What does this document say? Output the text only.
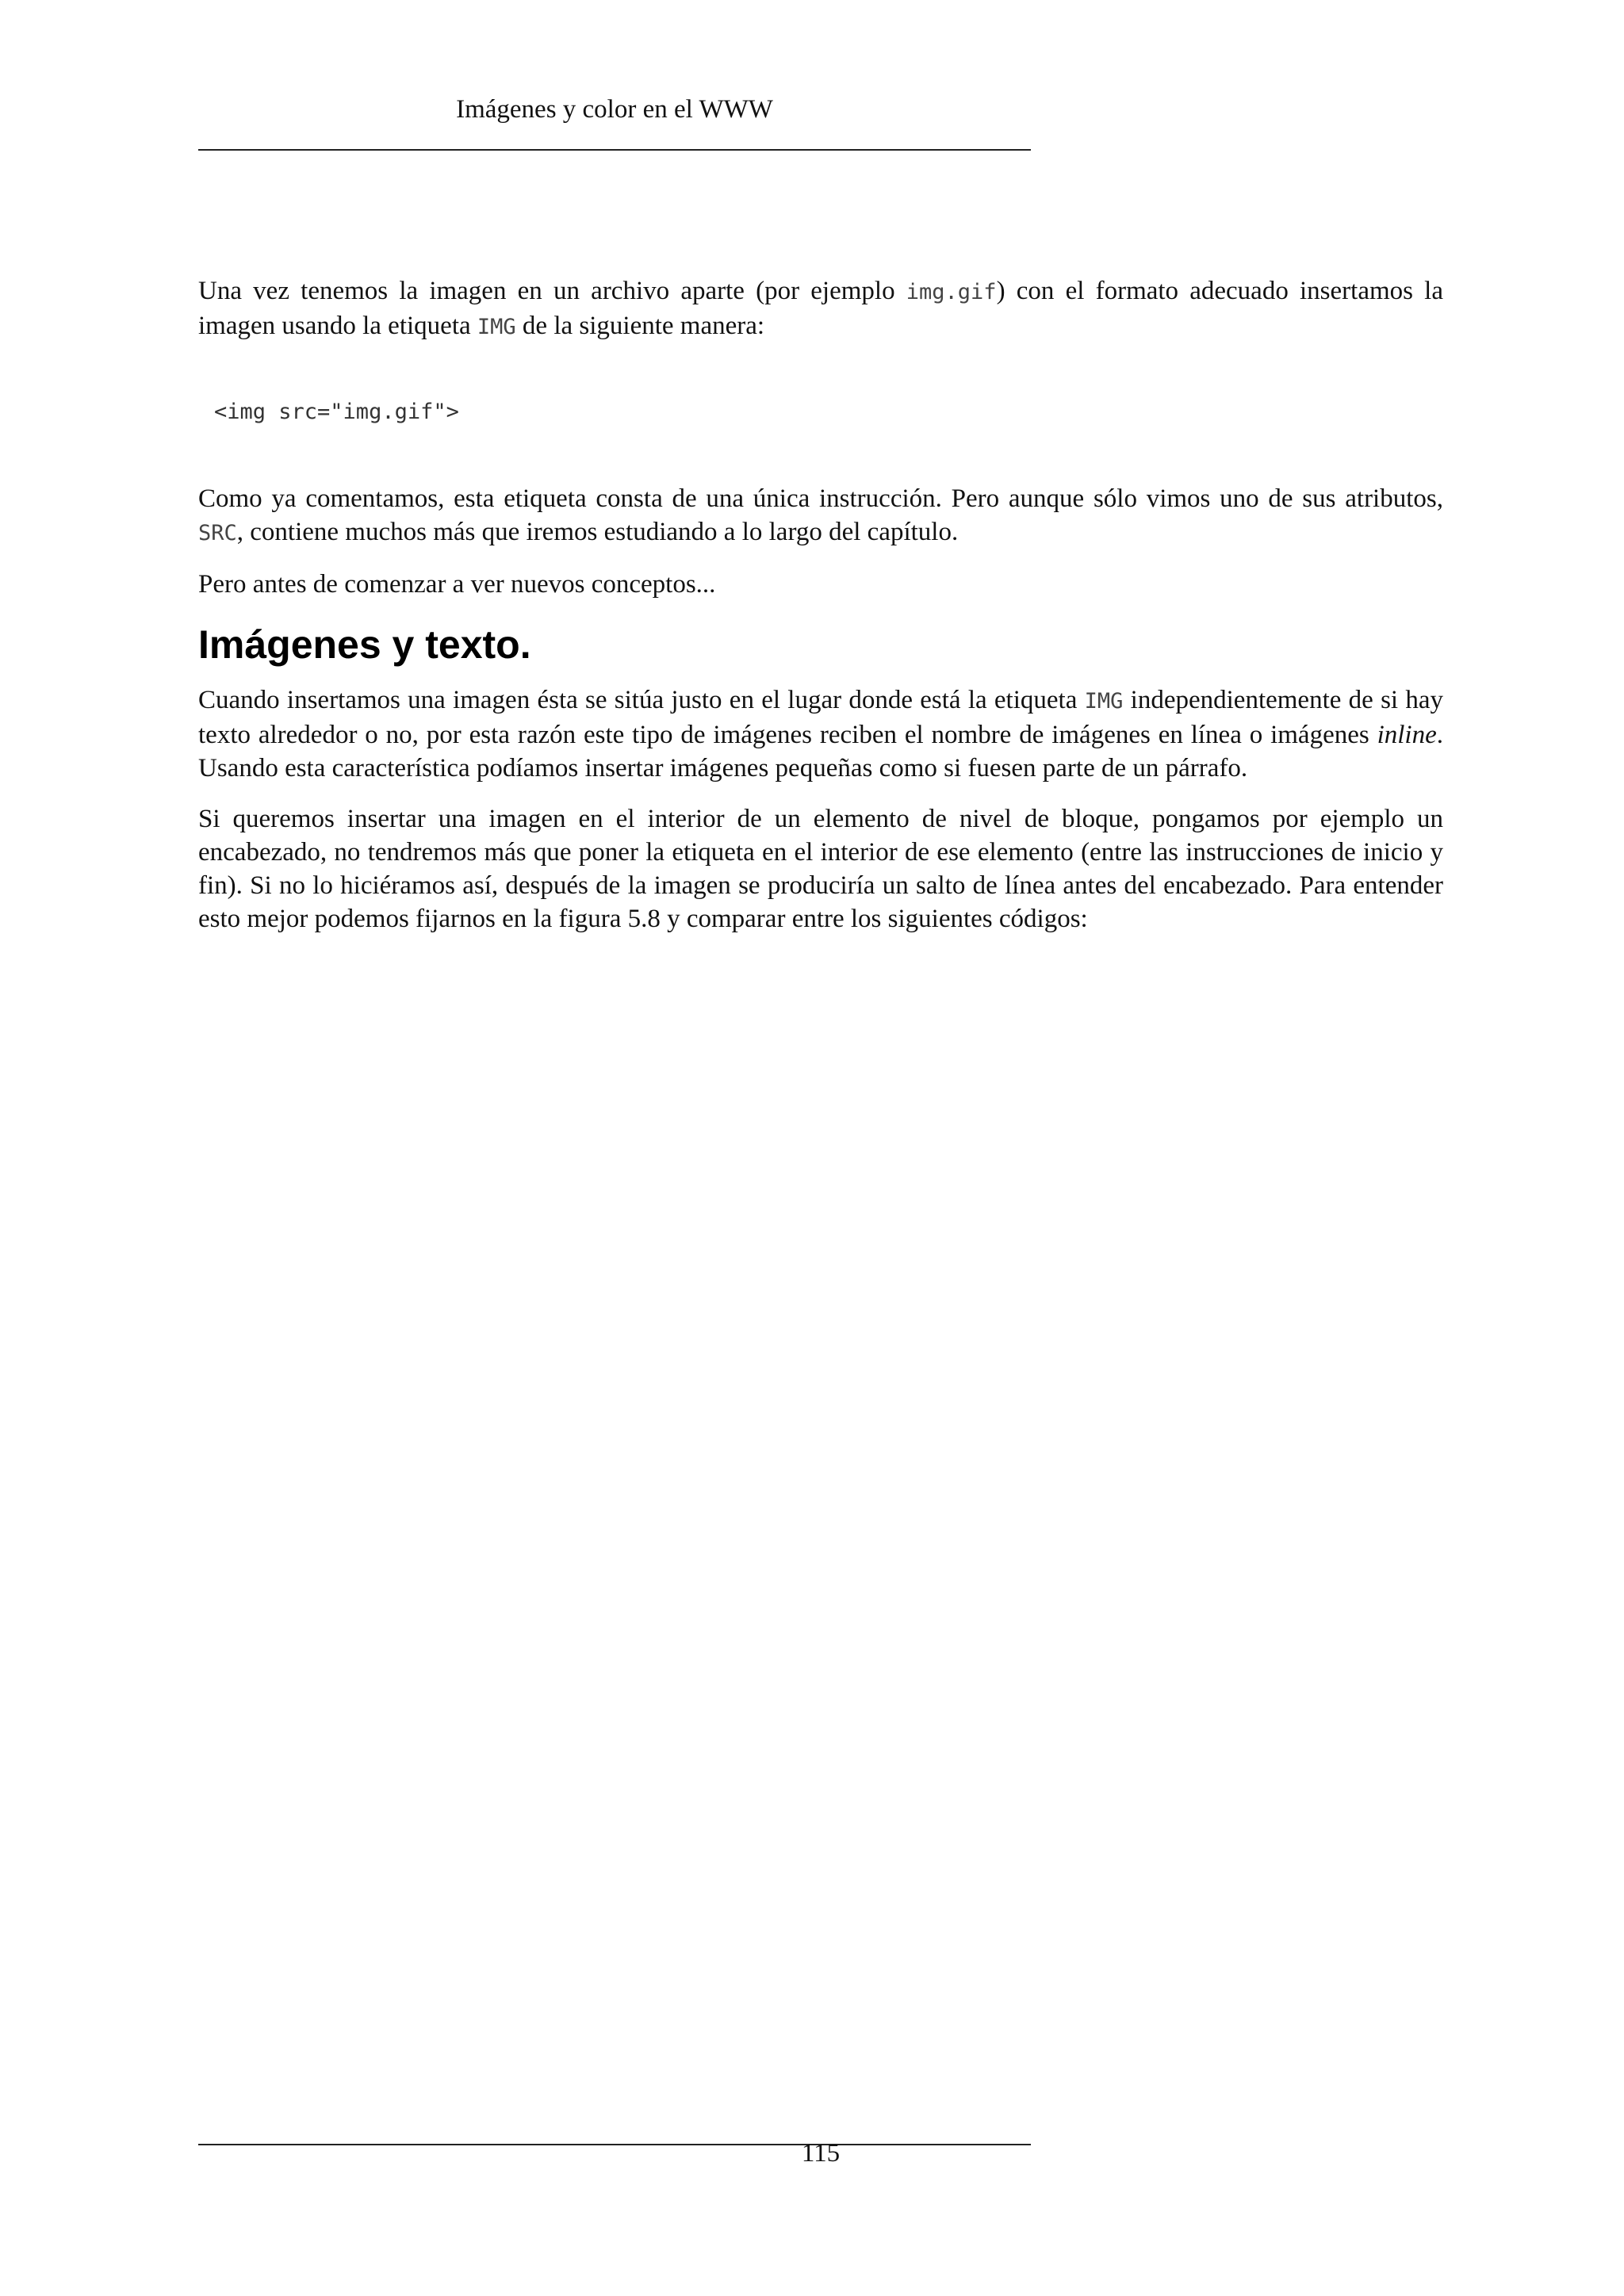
Imágenes y color en el WWW

Una vez tenemos la imagen en un archivo aparte (por ejemplo img.gif) con el formato adecuado insertamos la imagen usando la etiqueta IMG de la siguiente manera:

<img src="img.gif">

Como ya comentamos, esta etiqueta consta de una única instrucción. Pero aunque sólo vimos uno de sus atributos, SRC, contiene muchos más que iremos estudiando a lo largo del capítulo.

Pero antes de comenzar a ver nuevos conceptos...

Imágenes y texto.

Cuando insertamos una imagen ésta se sitúa justo en el lugar donde está la etiqueta IMG independientemente de si hay texto alrededor o no, por esta razón este tipo de imágenes reciben el nombre de imágenes en línea o imágenes inline. Usando esta característica podíamos insertar imágenes pequeñas como si fuesen parte de un párrafo.

Si queremos insertar una imagen en el interior de un elemento de nivel de bloque, pongamos por ejemplo un encabezado, no tendremos más que poner la etiqueta en el interior de ese elemento (entre las instrucciones de inicio y fin). Si no lo hiciéramos así, después de la imagen se produciría un salto de línea antes del encabezado. Para entender esto mejor podemos fijarnos en la figura 5.8 y comparar entre los siguientes códigos:

115
